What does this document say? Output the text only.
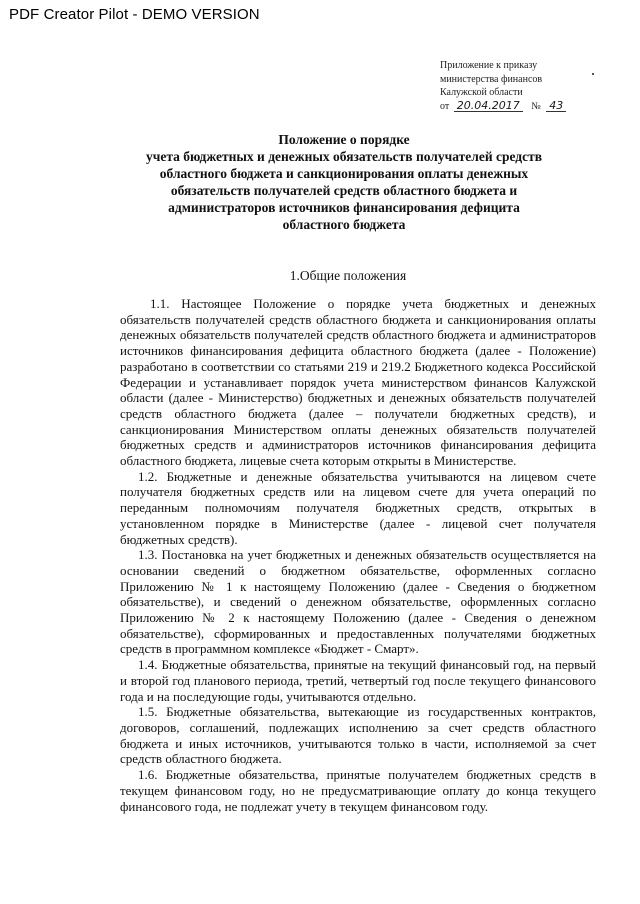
PDF Creator Pilot - DEMO VERSION
Приложение к приказу
министерства финансов
Калужской области
от 20.04.2017 № 43
Положение о порядке
учета бюджетных и денежных обязательств получателей средств
областного бюджета и санкционирования оплаты денежных
обязательств получателей средств областного бюджета и
администраторов источников финансирования дефицита
областного бюджета
1.Общие положения
1.1. Настоящее Положение о порядке учета бюджетных и денежных обязательств получателей средств областного бюджета и санкционирования оплаты денежных обязательств получателей средств областного бюджета и администраторов источников финансирования дефицита областного бюджета (далее - Положение) разработано в соответствии со статьями 219 и 219.2 Бюджетного кодекса Российской Федерации и устанавливает порядок учета министерством финансов Калужской области (далее - Министерство) бюджетных и денежных обязательств получателей средств областного бюджета (далее – получатели бюджетных средств), и санкционирования Министерством оплаты денежных обязательств получателей бюджетных средств и администраторов источников финансирования дефицита областного бюджета, лицевые счета которым открыты в Министерстве.
1.2. Бюджетные и денежные обязательства учитываются на лицевом счете получателя бюджетных средств или на лицевом счете для учета операций по переданным полномочиям получателя бюджетных средств, открытых в установленном порядке в Министерстве (далее - лицевой счет получателя бюджетных средств).
1.3. Постановка на учет бюджетных и денежных обязательств осуществляется на основании сведений о бюджетном обязательстве, оформленных согласно Приложению № 1 к настоящему Положению (далее - Сведения о бюджетном обязательстве), и сведений о денежном обязательстве, оформленных согласно Приложению № 2 к настоящему Положению (далее - Сведения о денежном обязательстве), сформированных и предоставленных получателями бюджетных средств в программном комплексе «Бюджет - Смарт».
1.4. Бюджетные обязательства, принятые на текущий финансовый год, на первый и второй год планового периода, третий, четвертый год после текущего финансового года и на последующие годы, учитываются отдельно.
1.5. Бюджетные обязательства, вытекающие из государственных контрактов, договоров, соглашений, подлежащих исполнению за счет средств областного бюджета и иных источников, учитываются только в части, исполняемой за счет средств областного бюджета.
1.6. Бюджетные обязательства, принятые получателем бюджетных средств в текущем финансовом году, но не предусматривающие оплату до конца текущего финансового года, не подлежат учету в текущем финансовом году.
